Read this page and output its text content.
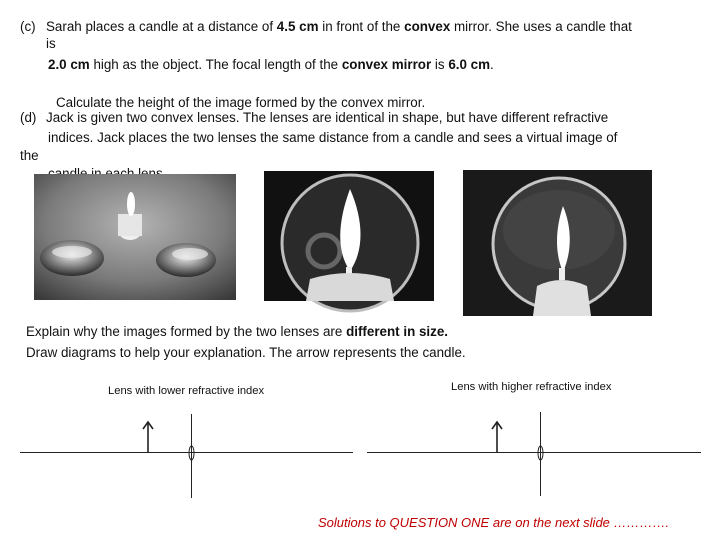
(c) Sarah places a candle at a distance of 4.5 cm in front of the convex mirror. She uses a candle that
is
2.0 cm high as the object. The focal length of the convex mirror is 6.0 cm.
Calculate the height of the image formed by the convex mirror.
(d) Jack is given two convex lenses. The lenses are identical in shape, but have different refractive
indices. Jack places the two lenses the same distance from a candle and sees a virtual image of
the
Explain why the images formed by the two lenses are different in size.
Draw diagrams to help your explanation. The arrow represents the candle.
Lens with lower refractive index	Lens with higher refractive index
Solutions to QUESTION ONE are on the next slide ………….
